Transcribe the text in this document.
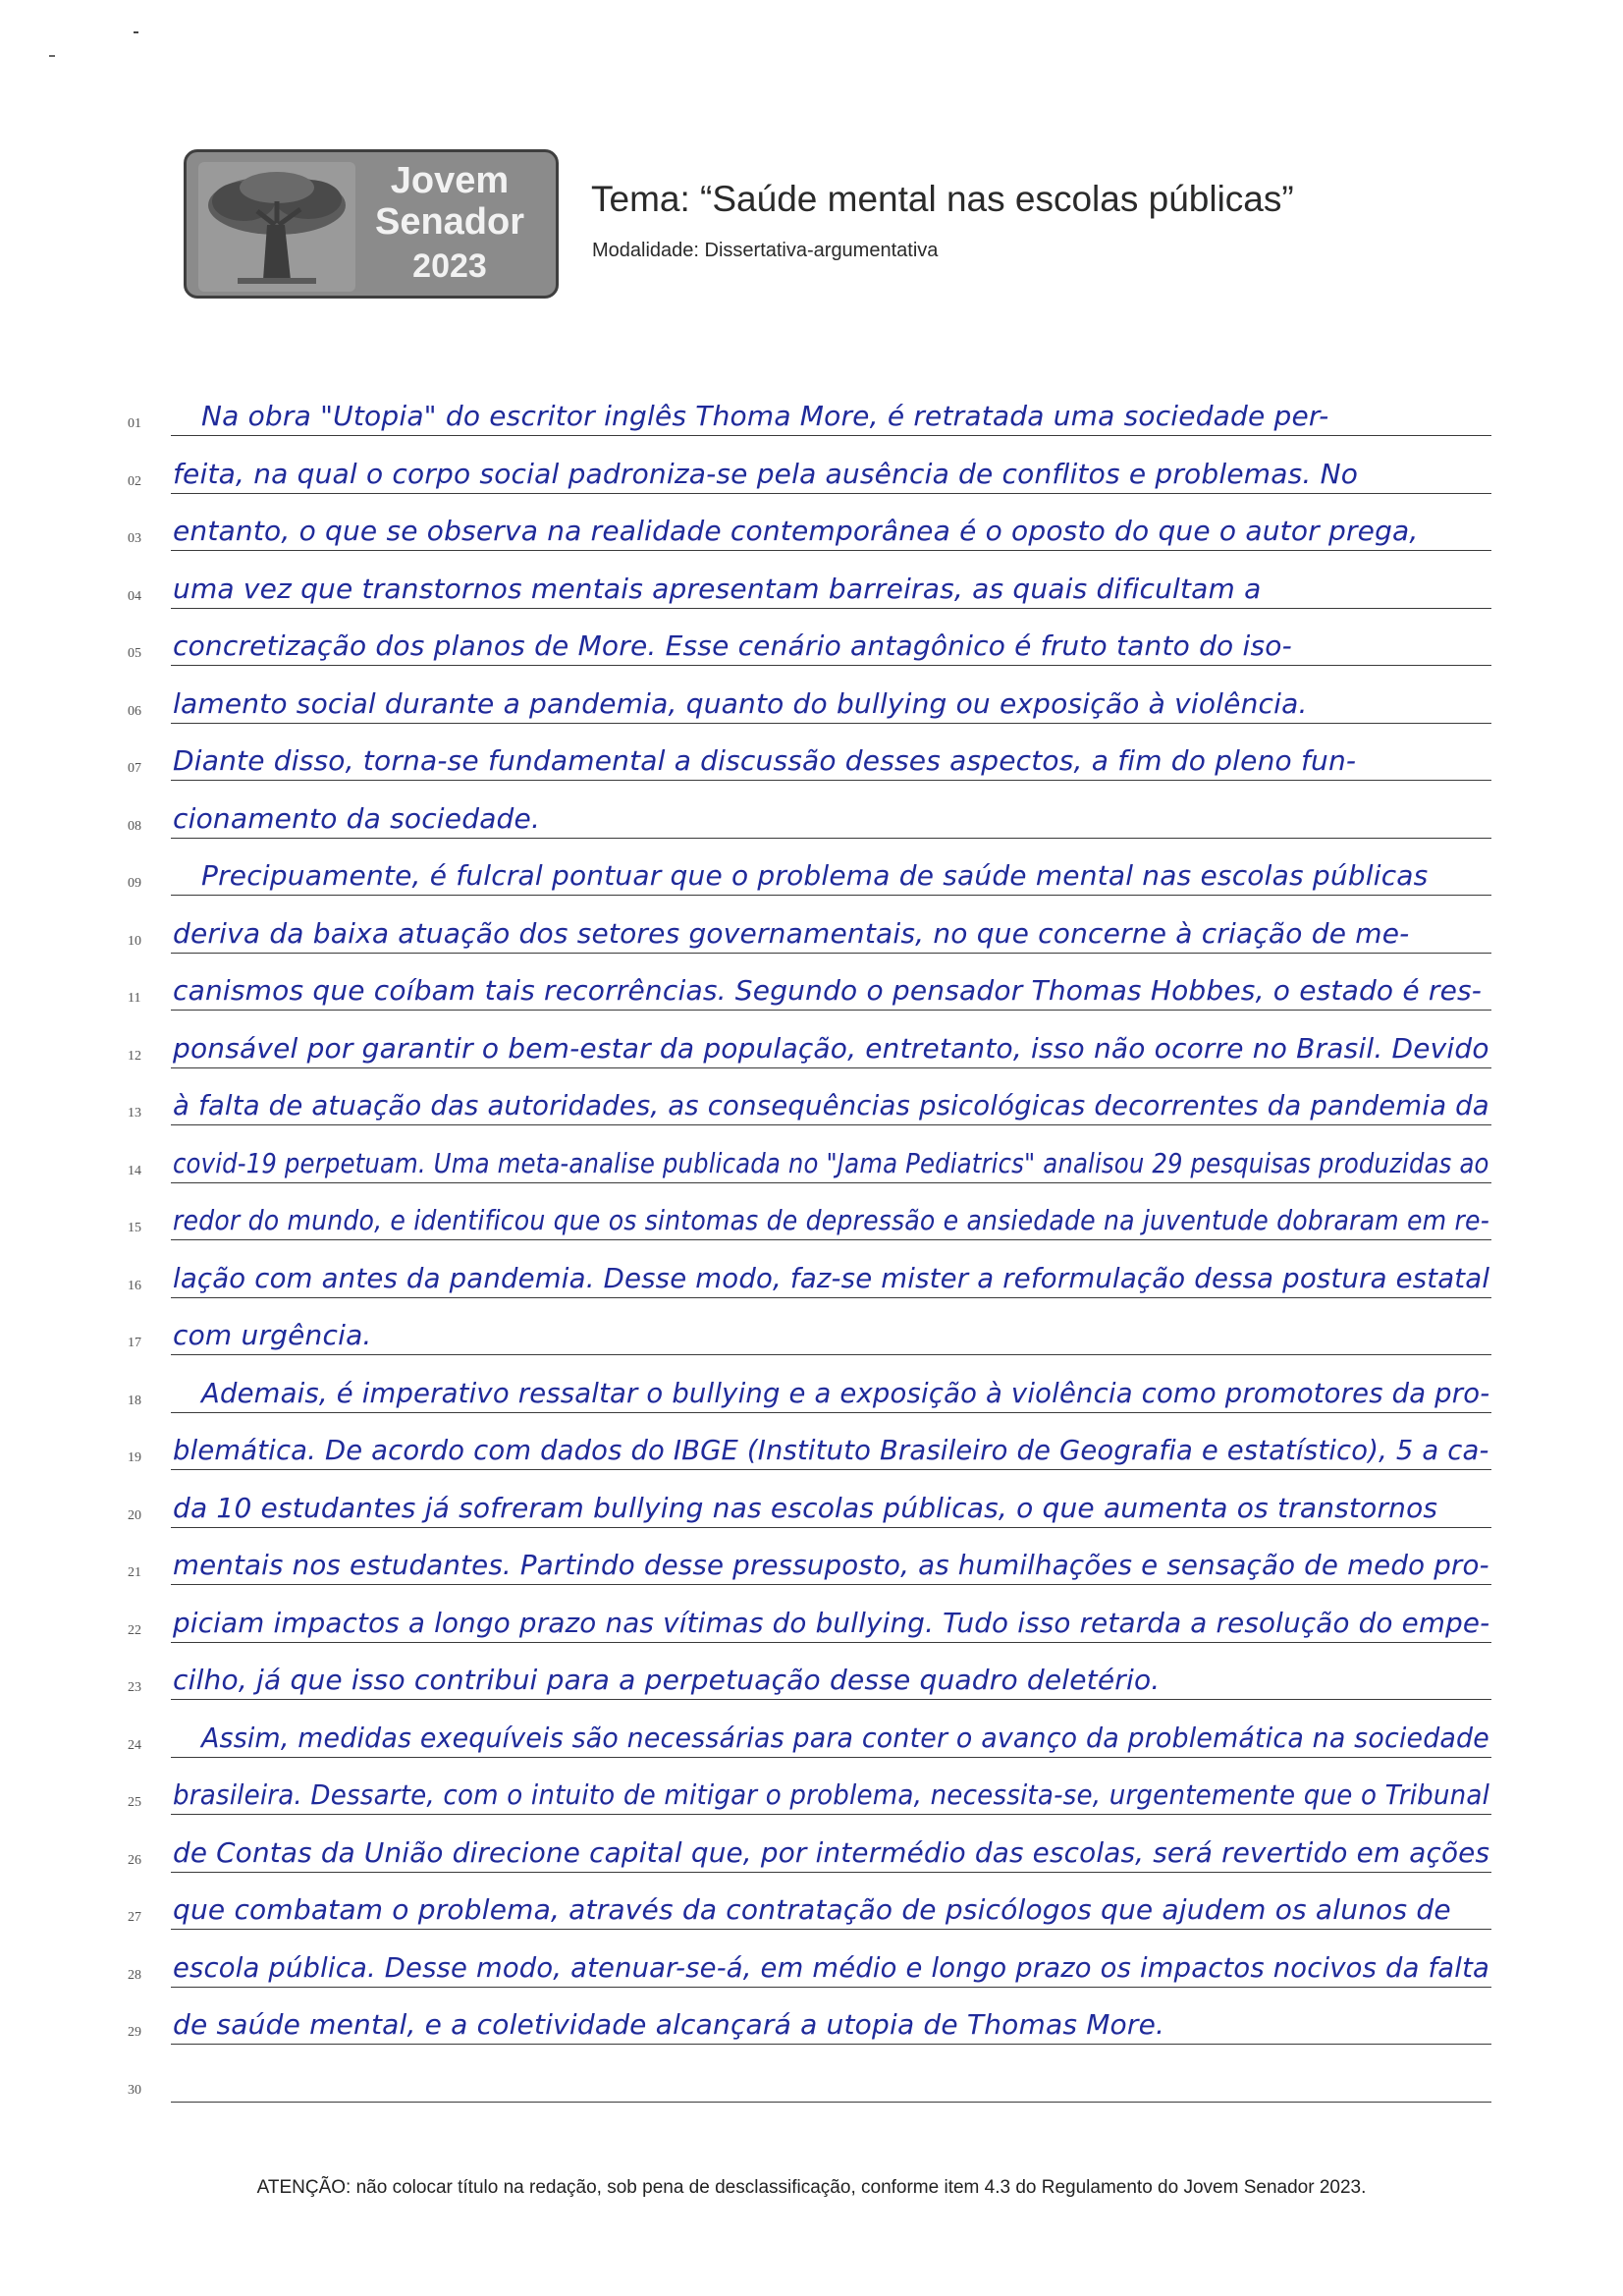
Jovem
Senador
2023
Tema: “Saúde mental nas escolas públicas”
Modalidade: Dissertativa-argumentativa
01	Na obra "Utopia" do escritor inglês Thoma More, é retratada uma sociedade per-
02	feita, na qual o corpo social padroniza-se pela ausência de conflitos e problemas. No
03	entanto, o que se observa na realidade contemporânea é o oposto do que o autor prega,
04	uma vez que transtornos mentais apresentam barreiras, as quais dificultam a
05	concretização dos planos de More. Esse cenário antagônico é fruto tanto do iso-
06	lamento social durante a pandemia, quanto do bullying ou exposição à violência.
07	Diante disso, torna-se fundamental a discussão desses aspectos, a fim do pleno fun-
08	cionamento da sociedade.
09	Precipuamente, é fulcral pontuar que o problema de saúde mental nas escolas públicas
10	deriva da baixa atuação dos setores governamentais, no que concerne à criação de me-
11	canismos que coíbam tais recorrências. Segundo o pensador Thomas Hobbes, o estado é res-
12	ponsável por garantir o bem-estar da população, entretanto, isso não ocorre no Brasil. Devido
13	à falta de atuação das autoridades, as consequências psicológicas decorrentes da pandemia da
14	covid-19 perpetuam. Uma meta-analise publicada no "Jama Pediatrics" analisou 29 pesquisas produzidas ao
15	redor do mundo, e identificou que os sintomas de depressão e ansiedade na juventude dobraram em re-
16	lação com antes da pandemia. Desse modo, faz-se mister a reformulação dessa postura estatal
17	com urgência.
18	Ademais, é imperativo ressaltar o bullying e a exposição à violência como promotores da pro-
19	blemática. De acordo com dados do IBGE (Instituto Brasileiro de Geografia e estatístico), 5 a ca-
20	da 10 estudantes já sofreram bullying nas escolas públicas, o que aumenta os transtornos
21	mentais nos estudantes. Partindo desse pressuposto, as humilhações e sensação de medo pro-
22	piciam impactos a longo prazo nas vítimas do bullying. Tudo isso retarda a resolução do empe-
23	cilho, já que isso contribui para a perpetuação desse quadro deletério.
24	Assim, medidas exequíveis são necessárias para conter o avanço da problemática na sociedade
25	brasileira. Dessarte, com o intuito de mitigar o problema, necessita-se, urgentemente que o Tribunal
26	de Contas da União direcione capital que, por intermédio das escolas, será revertido em ações
27	que combatam o problema, através da contratação de psicólogos que ajudem os alunos de
28	escola pública. Desse modo, atenuar-se-á, em médio e longo prazo os impactos nocivos da falta
29	de saúde mental, e a coletividade alcançará a utopia de Thomas More.
30
ATENÇÃO: não colocar título na redação, sob pena de desclassificação, conforme item 4.3 do Regulamento do Jovem Senador 2023.
